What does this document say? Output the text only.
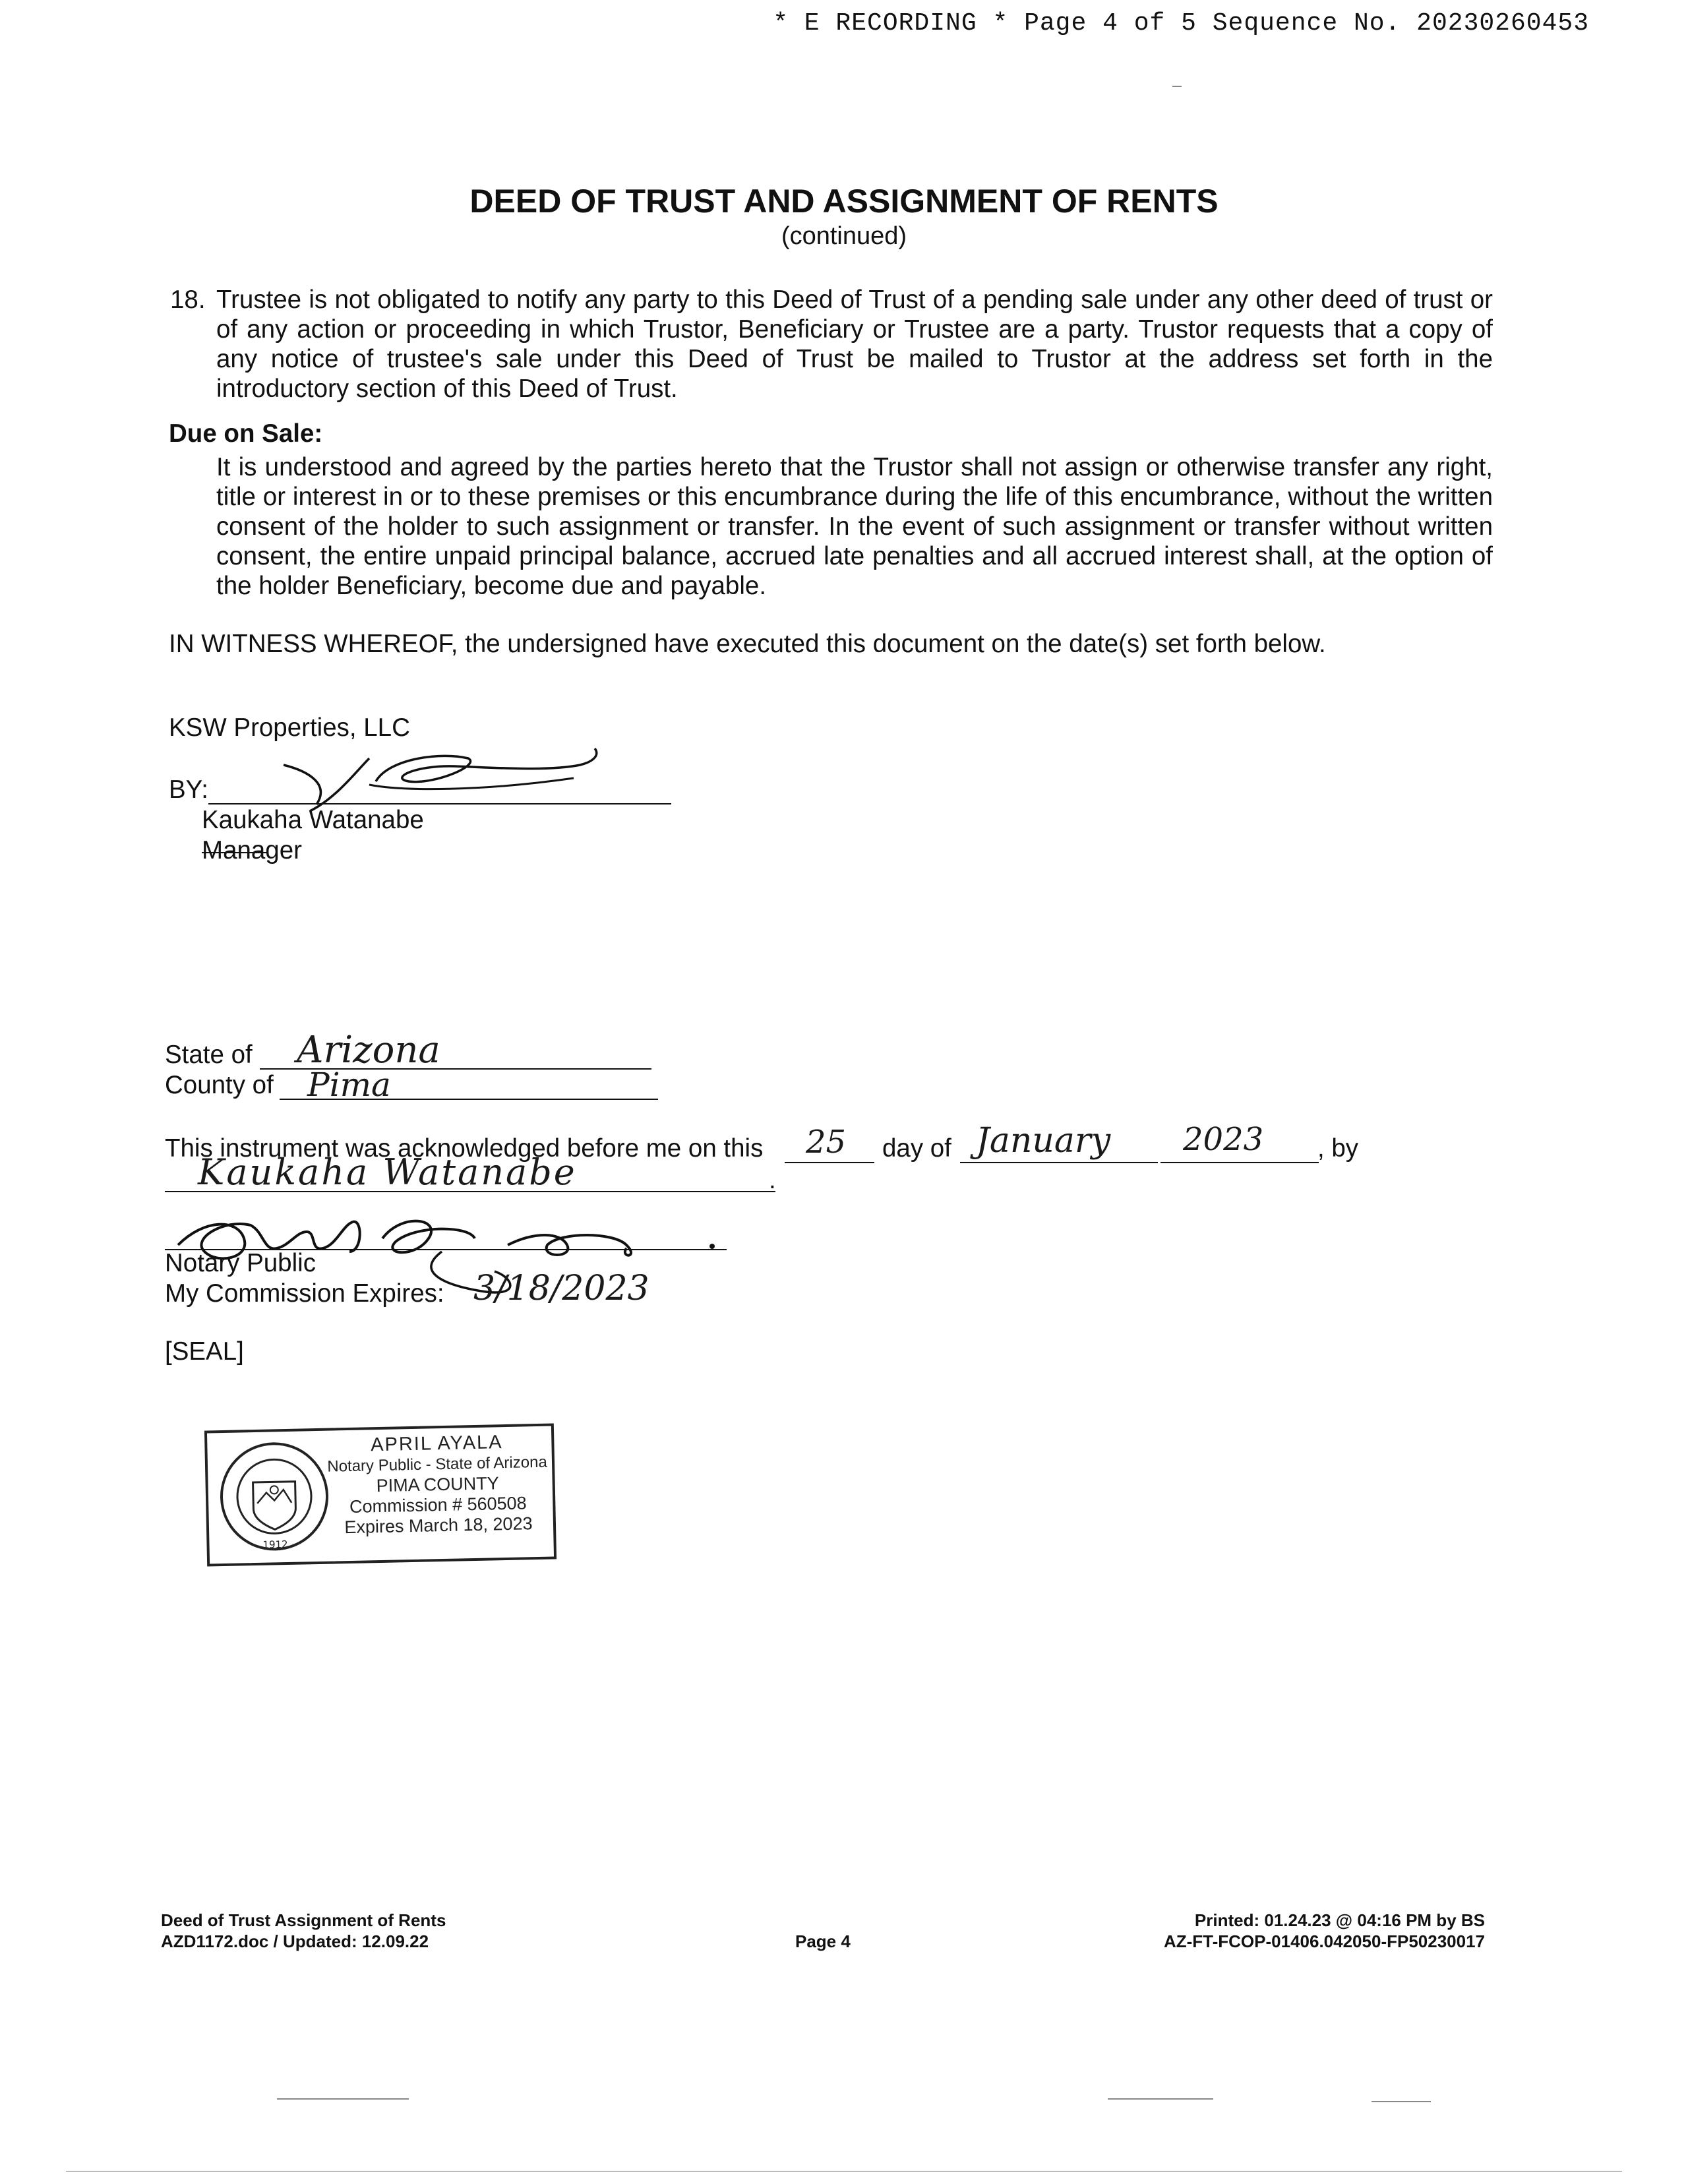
* E RECORDING * Page 4 of 5 Sequence No. 20230260453
DEED OF TRUST AND ASSIGNMENT OF RENTS
(continued)
18. Trustee is not obligated to notify any party to this Deed of Trust of a pending sale under any other deed of trust or of any action or proceeding in which Trustor, Beneficiary or Trustee are a party. Trustor requests that a copy of any notice of trustee's sale under this Deed of Trust be mailed to Trustor at the address set forth in the introductory section of this Deed of Trust.
Due on Sale:
It is understood and agreed by the parties hereto that the Trustor shall not assign or otherwise transfer any right, title or interest in or to these premises or this encumbrance during the life of this encumbrance, without the written consent of the holder to such assignment or transfer. In the event of such assignment or transfer without written consent, the entire unpaid principal balance, accrued late penalties and all accrued interest shall, at the option of the holder Beneficiary, become due and payable.
IN WITNESS WHEREOF, the undersigned have executed this document on the date(s) set forth below.
KSW Properties, LLC
BY:
Kaukaha Watanabe
Manager
State of Arizona
County of Pima
This instrument was acknowledged before me on this 25 day of January 2023 , by
Kaukaha Watanabe	.
Notary Public
My Commission Expires: 3/18/2023
[SEAL]
1912
APRIL AYALA
Notary Public - State of Arizona
PIMA COUNTY
Commission # 560508
Expires March 18, 2023
Deed of Trust Assignment of Rents
AZD1172.doc / Updated: 12.09.22	Page 4
Printed: 01.24.23 @ 04:16 PM by BS
AZ-FT-FCOP-01406.042050-FP50230017
